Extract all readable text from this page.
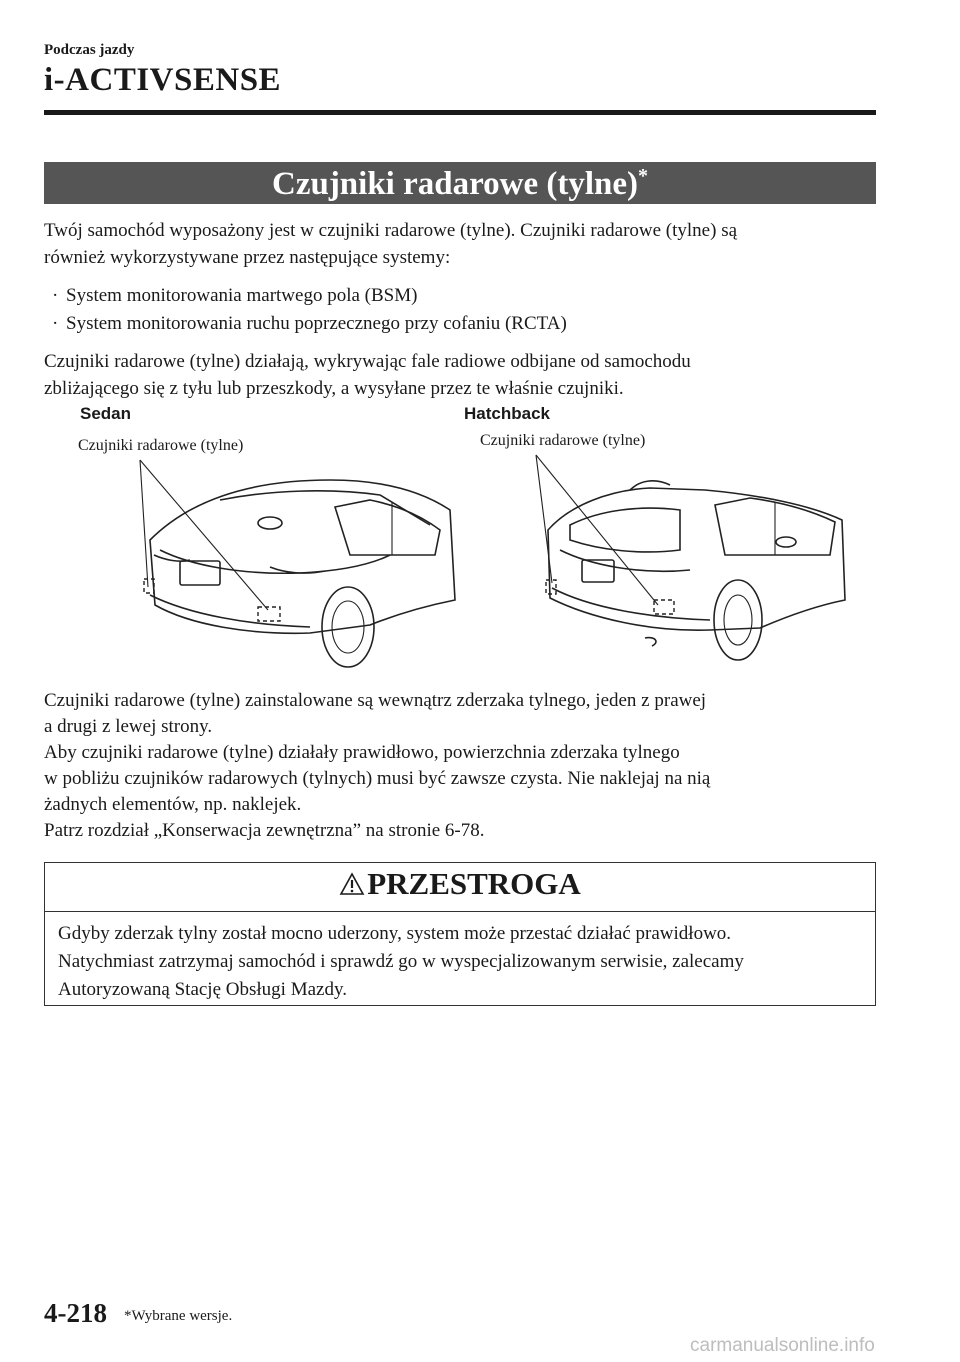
Podczas jazdy
i-ACTIVSENSE
Czujniki radarowe (tylne)*
Twój samochód wyposażony jest w czujniki radarowe (tylne). Czujniki radarowe (tylne) są
również wykorzystywane przez następujące systemy:
· System monitorowania martwego pola (BSM)
· System monitorowania ruchu poprzecznego przy cofaniu (RCTA)
Czujniki radarowe (tylne) działają, wykrywając fale radiowe odbijane od samochodu
zbliżającego się z tyłu lub przeszkody, a wysyłane przez te właśnie czujniki.
Sedan	Hatchback
Czujniki radarowe (tylne)	Czujniki radarowe (tylne)
Czujniki radarowe (tylne) zainstalowane są wewnątrz zderzaka tylnego, jeden z prawej
a drugi z lewej strony.
Aby czujniki radarowe (tylne) działały prawidłowo, powierzchnia zderzaka tylnego
w pobliżu czujników radarowych (tylnych) musi być zawsze czysta. Nie naklejaj na nią
żadnych elementów, np. naklejek.
Patrz rozdział „Konserwacja zewnętrzna” na stronie 6-78.
PRZESTROGA
Gdyby zderzak tylny został mocno uderzony, system może przestać działać prawidłowo.
Natychmiast zatrzymaj samochód i sprawdź go w wyspecjalizowanym serwisie, zalecamy
Autoryzowaną Stację Obsługi Mazdy.
4-218 *Wybrane wersje.
carmanualsonline.info
